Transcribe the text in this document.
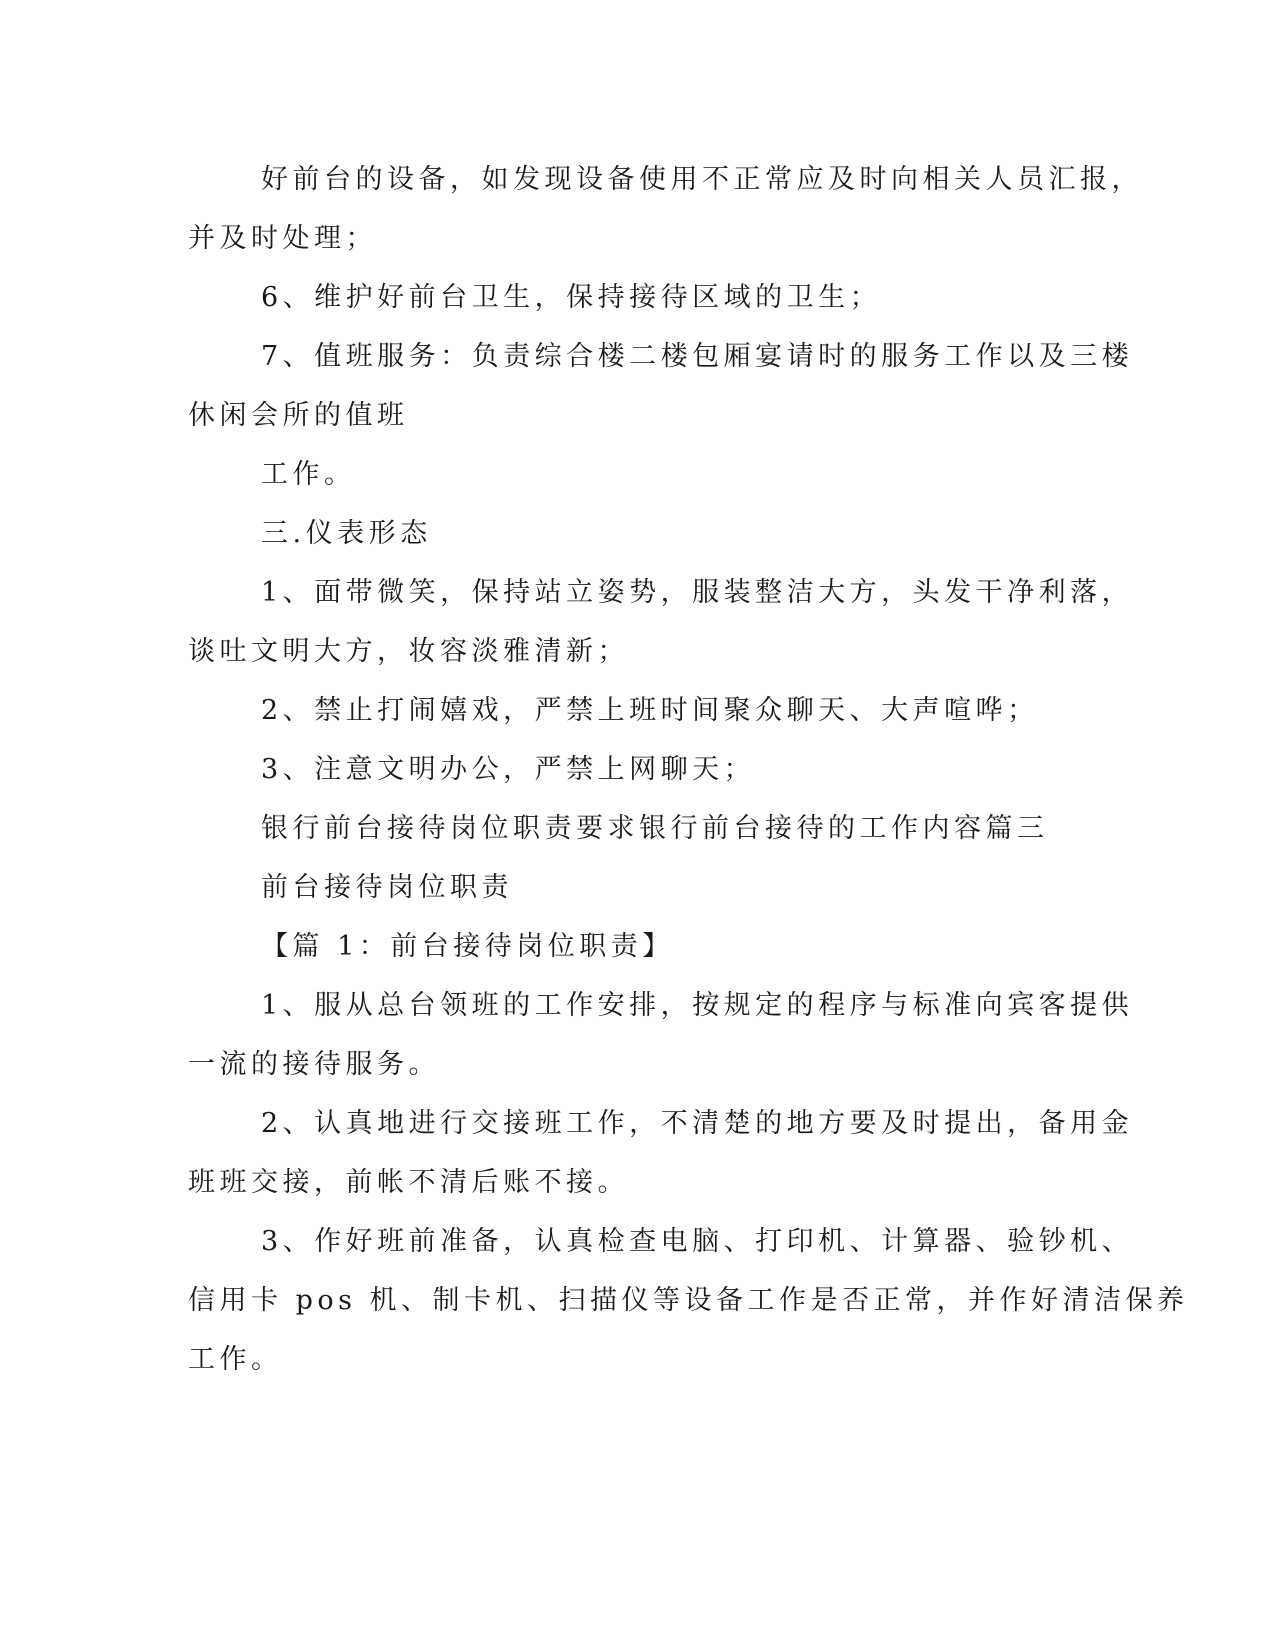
好前台的设备，如发现设备使用不正常应及时向相关人员汇报，
并及时处理；
6、维护好前台卫生，保持接待区域的卫生；
7、值班服务：负责综合楼二楼包厢宴请时的服务工作以及三楼
休闲会所的值班
工作。
三.仪表形态
1、面带微笑，保持站立姿势，服装整洁大方，头发干净利落，
谈吐文明大方，妆容淡雅清新；
2、禁止打闹嬉戏，严禁上班时间聚众聊天、大声喧哗；
3、注意文明办公，严禁上网聊天；
银行前台接待岗位职责要求银行前台接待的工作内容篇三
前台接待岗位职责
【篇 1：前台接待岗位职责】
1、服从总台领班的工作安排，按规定的程序与标准向宾客提供
一流的接待服务。
2、认真地进行交接班工作，不清楚的地方要及时提出，备用金
班班交接，前帐不清后账不接。
3、作好班前准备，认真检查电脑、打印机、计算器、验钞机、
信用卡 pos 机、制卡机、扫描仪等设备工作是否正常，并作好清洁保养
工作。
